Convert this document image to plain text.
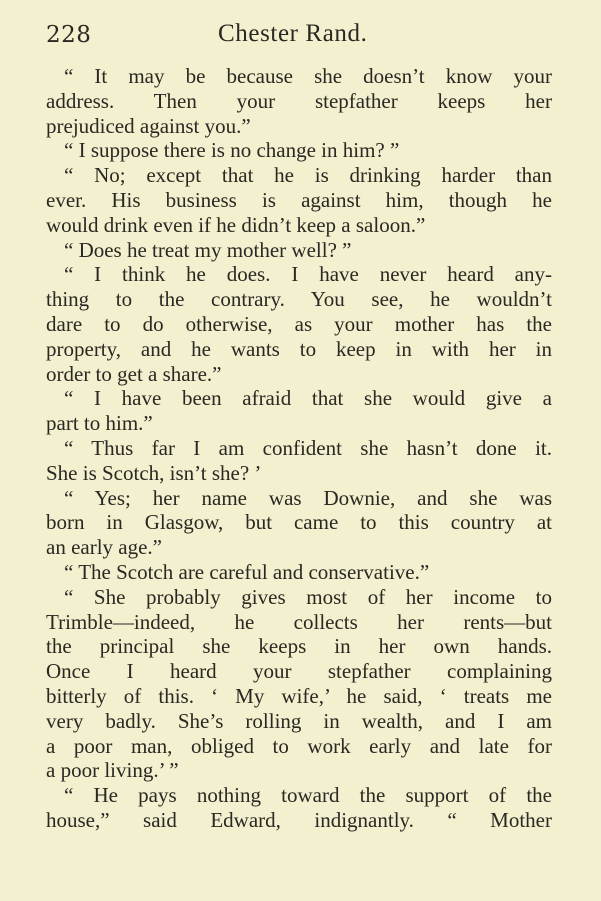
228	Chester Rand.
“ It may be because she doesn’t know your
address. Then your stepfather keeps her
prejudiced against you.”
“ I suppose there is no change in him? ”
“ No; except that he is drinking harder than
ever. His business is against him, though he
would drink even if he didn’t keep a saloon.”
“ Does he treat my mother well? ”
“ I think he does. I have never heard any-
thing to the contrary. You see, he wouldn’t
dare to do otherwise, as your mother has the
property, and he wants to keep in with her in
order to get a share.”
“ I have been afraid that she would give a
part to him.”
“ Thus far I am confident she hasn’t done it.
She is Scotch, isn’t she? ’
“ Yes; her name was Downie, and she was
born in Glasgow, but came to this country at
an early age.”
“ The Scotch are careful and conservative.”
“ She probably gives most of her income to
Trimble—indeed, he collects her rents—but
the principal she keeps in her own hands.
Once I heard your stepfather complaining
bitterly of this. ‘ My wife,’ he said, ‘ treats me
very badly. She’s rolling in wealth, and I am
a poor man, obliged to work early and late for
a poor living.’ ”
“ He pays nothing toward the support of the
house,” said Edward, indignantly. “ Mother
